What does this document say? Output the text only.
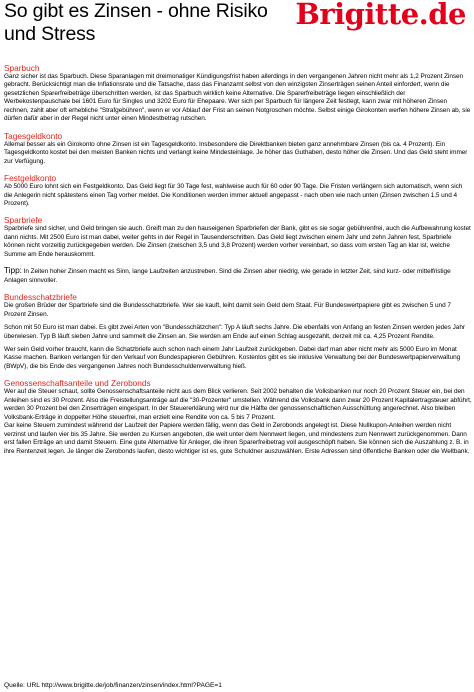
So gibt es Zinsen - ohne Risiko und Stress
Brigitte.de
Sparbuch

Ganz sicher ist das Sparbuch. Diese Sparanlagen mit dreimonatiger Kündigungsfrist haben allerdings in den vergangenen Jahren nicht mehr als 1,2 Prozent Zinsen gebracht. Berücksichtigt man die Inflationsrate und die Tatsache, dass das Finanzamt selbst von den winzigsten Zinserträgen seinen Anteil einfordert, wenn die gesetzlichen Sparerfreibeträge überschritten werden, ist das Sparbuch wirklich keine Alternative. Die Sparerfreibeträge liegen einschließlich der Werbekostenpauschale bei 1601 Euro für Singles und 3202 Euro für Ehepaare. Wer sich per Sparbuch für längere Zeit festlegt, kann zwar mit höheren Zinsen rechnen, zahlt aber oft erhebliche "Strafgebühren", wenn er vor Ablauf der Frist an seinen Notgroschen möchte. Selbst einige Girokonten werfen höhere Zinsen ab, sie dürfen dafür aber in der Regel nicht unter einen Mindestbetrag rutschen.

Tagesgeldkonto

Allemal besser als ein Girokonto ohne Zinsen ist ein Tagesgeldkonto. Insbesondere die Direktbanken bieten ganz annehmbare Zinsen (bis ca. 4 Prozent). Ein Tagesgeldkonto kostet bei den meisten Banken nichts und verlangt keine Mindesteinlage. Je höher das Guthaben, desto höher die Zinsen. Und das Geld steht immer zur Verfügung.

Festgeldkonto

Ab 5000 Euro lohnt sich ein Festgeldkonto. Das Geld liegt für 30 Tage fest, wahlweise auch für 60 oder 90 Tage. Die Fristen verlängern sich automatisch, wenn sich die Anlegerin nicht spätestens einen Tag vorher meldet. Die Konditionen werden immer aktuell angepasst - nach oben wie nach unten (Zinsen zwischen 1,5 und 4 Prozent).

Sparbriefe

Sparbriefe sind sicher, und Geld bringen sie auch. Greift man zu den hauseigenen Sparbriefen der Bank, gibt es sie sogar gebührenfrei, auch die Aufbewahrung kostet dann nichts. Mit 2500 Euro ist man dabei, weiter gehts in der Regel in Tausenderschritten. Das Geld liegt zwischen einem Jahr und zehn Jahren fest, Sparbriefe können nicht vorzeitig zurückgegeben werden. Die Zinsen (zwischen 3,5 und 3,8 Prozent) werden vorher vereinbart, so dass vom ersten Tag an klar ist, welche Summe am Ende herauskommt.

Tipp: In Zeiten hoher Zinsen macht es Sinn, lange Laufzeiten anzustreben. Sind die Zinsen aber niedrig, wie gerade in letzter Zeit, sind kurz- oder mittelfristige Anlagen sinnvoller.

Bundesschatzbriefe

Die großen Brüder der Sparbriefe sind die Bundesschatzbriefe. Wer sie kauft, leiht damit sein Geld dem Staat. Für Bundeswertpapiere gibt es zwischen 5 und 7 Prozent Zinsen.

Schon mit 50 Euro ist man dabei. Es gibt zwei Arten von "Bundesschätzchen": Typ A läuft sechs Jahre. Die ebenfalls von Anfang an festen Zinsen werden jedes Jahr überwiesen. Typ B läuft sieben Jahre und sammelt die Zinsen an. Sie werden am Ende auf einen Schlag ausgezahlt, derzeit mit ca. 4,25 Prozent Rendite.

Wer sein Geld vorher braucht, kann die Schatzbriefe auch schon nach einem Jahr Laufzeit zurückgeben. Dabei darf man aber nicht mehr als 5000 Euro im Monat Kasse machen. Banken verlangen für den Verkauf von Bundespapieren Gebühren. Kostenlos gibt es sie inklusive Verwaltung bei der Bundeswertpapierverwaltung (BWpV), die bis Ende des vergangenen Jahres noch Bundesschuldenverwaltung hieß.

Genossenschaftsanteile und Zerobonds

Wer auf die Steuer schaut, sollte Genossenschaftsanteile nicht aus dem Blick verlieren. Seit 2002 behalten die Volksbanken nur noch 20 Prozent Steuer ein, bei den Anleihen sind es 30 Prozent. Also die Freistellungsanträge auf die "30-Prozenter" umstellen. Während die Volksbank dann zwar 20 Prozent Kapitalertragsteuer abführt, werden 30 Prozent bei den Zinserträgen eingespart. In der Steuererklärung wird nur die Hälfte der genossenschaftlichen Ausschüttung angerechnet. Also bleiben Volksbank-Erträge in doppelter Höhe steuerfrei, man erzielt eine Rendite von ca. 5 bis 7 Prozent.

Gar keine Steuern zumindest während der Laufzeit der Papiere werden fällig, wenn das Geld in Zerobonds angelegt ist. Diese Nullkupon-Anleihen werden nicht verzinst und laufen vier bis 35 Jahre. Sie werden zu Kursen angeboten, die weit unter dem Nennwert liegen, und mindestens zum Nennwert zurückgenommen. Dann erst fallen Erträge an und damit Steuern. Eine gute Alternative für Anleger, die ihren Sparerfreibetrag voll ausgeschöpft haben. Sie können sich die Auszahlung z. B. in ihre Rentenzeit legen. Je länger die Zerobonds laufen, desto wichtiger ist es, gute Schuldner auszuwählen. Erste Adressen sind öffentliche Banken oder die Weltbank.

Quelle: URL http://www.brigitte.de/job/finanzen/zinsen/index.html?PAGE=1
